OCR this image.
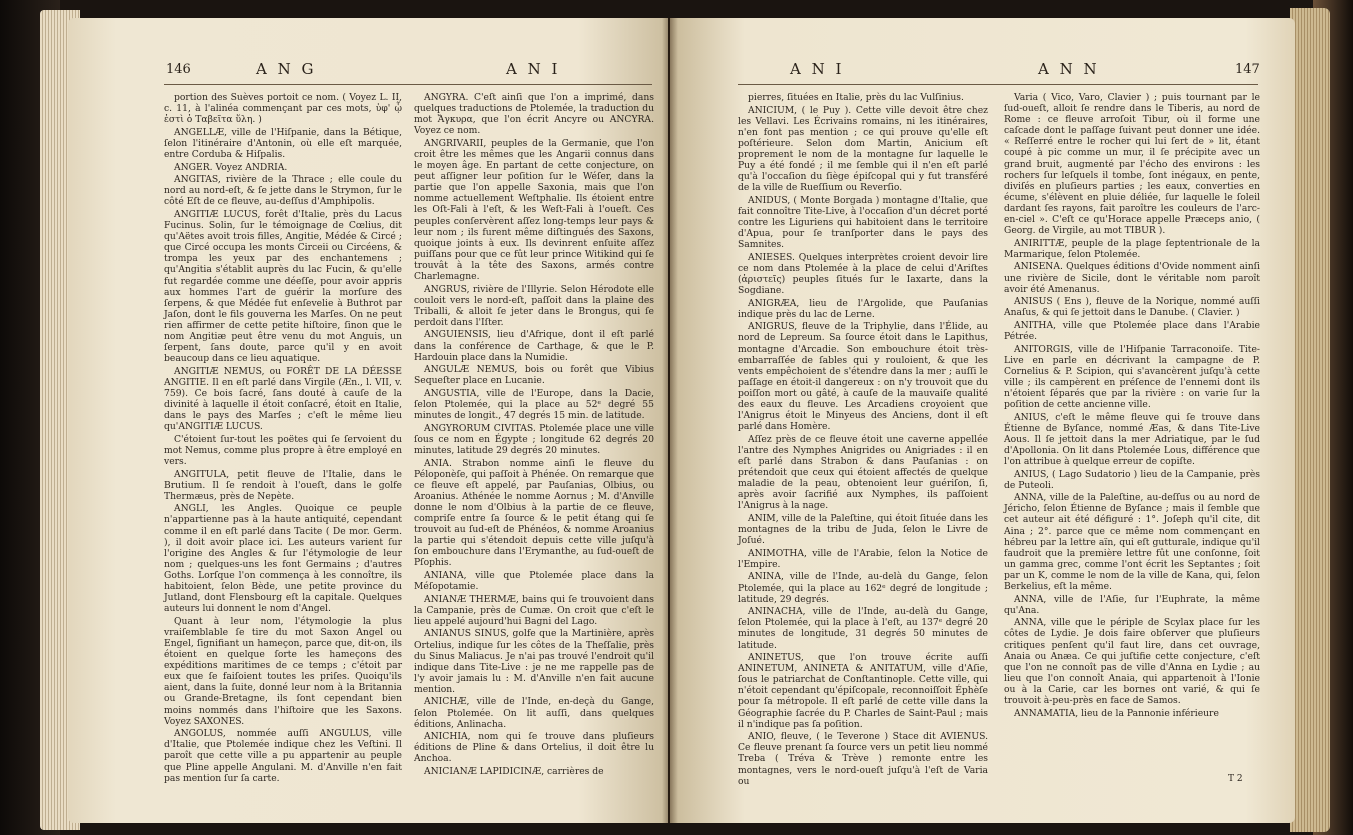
146	A N G	A N I

portion des Suèves portoit ce nom. ( Voyez L. II, c. 11, à l'alinéa commençant par ces mots, ὑφ' ᾧ ἐστὶ ὁ Ταβεῖτα ὕλη. )

ANGELLÆ, ville de l'Hiſpanie, dans la Bétique, ſelon l'itinéraire d'Antonin, où elle eſt marquée, entre Corduba & Hiſpalis.

ANGER. Voyez ANDRIA.

ANGITAS, rivière de la Thrace ; elle coule du nord au nord-eſt, & ſe jette dans le Strymon, ſur le côté Eſt de ce fleuve, au-deſſus d'Amphipolis.

ANGITIÆ LUCUS, forêt d'Italie, près du Lacus Fucinus. Solin, ſur le témoignage de Cœlius, dit qu'Aëtes avoit trois filles, Angitie, Médée & Circé ; que Circé occupa les monts Circeii ou Circéens, & trompa les yeux par des enchantemens ; qu'Angitia s'établit auprès du lac Fucin, & qu'elle fut regardée comme une déeſſe, pour avoir appris aux hommes l'art de guérir la morſure des ſerpens, & que Médée fut enſevelie à Buthrot par Jaſon, dont le fils gouverna les Marſes. On ne peut rien affirmer de cette petite hiſtoire, ſinon que le nom Angitiæ peut être venu du mot Anguis, un ſerpent, ſans doute, parce qu'il y en avoit beaucoup dans ce lieu aquatique.

ANGITIÆ NEMUS, ou FORÊT DE LA DÉESSE ANGITIE. Il en eſt parlé dans Virgile (Æn., l. VII, v. 759). Ce bois ſacré, ſans douté à cauſe de la divinité à laquelle il étoit conſacré, étoit en Italie, dans le pays des Marſes ; c'eſt le même lieu qu'ANGITIÆ LUCUS.

C'étoient ſur-tout les poëtes qui ſe ſervoient du mot Nemus, comme plus propre à être employé en vers.

ANGITULA, petit fleuve de l'Italie, dans le Brutium. Il ſe rendoit à l'oueſt, dans le golfe Thermæus, près de Nepète.

ANGLI, les Angles. Quoique ce peuple n'appartienne pas à la haute antiquité, cependant comme il en eſt parlé dans Tacite ( De mor. Germ. ), il doit avoir place ici. Les auteurs varient ſur l'origine des Angles & ſur l'étymologie de leur nom ; quelques-uns les font Germains ; d'autres Goths. Lorſque l'on commença à les connoître, ils habitoient, ſelon Bède, une petite province du Jutland, dont Flensbourg eſt la capitale. Quelques auteurs lui donnent le nom d'Angel.

Quant à leur nom, l'étymologie la plus vraiſemblable ſe tire du mot Saxon Angel ou Engel, ſignifiant un hameçon, parce que, dit-on, ils étoient en quelque ſorte les hameçons des expéditions maritimes de ce temps ; c'étoit par eux que ſe faiſoient toutes les priſes. Quoiqu'ils aient, dans la ſuite, donné leur nom à la Britannia ou Grande-Bretagne, ils ſont cependant bien moins nommés dans l'hiſtoire que les Saxons. Voyez SAXONES.

ANGOLUS, nommée auſſi ANGULUS, ville d'Italie, que Ptolemée indique chez les Veſtini. Il paroît que cette ville a pu appartenir au peuple que Pline appelle Angulani. M. d'Anville n'en fait pas mention ſur ſa carte.

ANGYRA. C'eſt ainſi que l'on a imprimé, dans quelques traductions de Ptolemée, la traduction du mot Ἄγκυρα, que l'on écrit Ancyre ou ANCYRA. Voyez ce nom.

ANGRIVARII, peuples de la Germanie, que l'on croit être les mêmes que les Angarii connus dans le moyen âge. En partant de cette conjecture, on peut aſſigner leur poſition ſur le Wéſer, dans la partie que l'on appelle Saxonia, mais que l'on nomme actuellement Weſtphalie. Ils étoient entre les Oſt-Fali à l'eſt, & les Weſt-Fali à l'oueſt. Ces peuples conſervèrent aſſez long-temps leur pays & leur nom ; ils furent même diſtingués des Saxons, quoique joints à eux. Ils devinrent enſuite aſſez puiſſans pour que ce fût leur prince Witikind qui ſe trouvât à la tête des Saxons, armés contre Charlemagne.

ANGRUS, rivière de l'Illyrie. Selon Hérodote elle couloit vers le nord-eſt, paſſoit dans la plaine des Triballi, & alloit ſe jeter dans le Brongus, qui ſe perdoit dans l'Iſter.

ANGUIENSIS, lieu d'Afrique, dont il eſt parlé dans la conférence de Carthage, & que le P. Hardouin place dans la Numidie.

ANGULÆ NEMUS, bois ou forêt que Vibius Sequeſter place en Lucanie.

ANGUSTIA, ville de l'Europe, dans la Dacie, ſelon Ptolemée, qui la place au 52ᵉ degré 55 minutes de longit., 47 degrés 15 min. de latitude.

ANGYRORUM CIVITAS. Ptolemée place une ville ſous ce nom en Égypte ; longitude 62 degrés 20 minutes, latitude 29 degrés 20 minutes.

ANIA. Strabon nomme ainſi le fleuve du Péloponèſe, qui paſſoit à Phénée. On remarque que ce fleuve eſt appelé, par Pauſanias, Olbius, ou Aroanius. Athénée le nomme Aornus ; M. d'Anville donne le nom d'Olbius à la partie de ce fleuve, compriſe entre ſa ſource & le petit étang qui ſe trouvoit au ſud-eſt de Phénéos, & nomme Aroanius la partie qui s'étendoit depuis cette ville juſqu'à ſon embouchure dans l'Erymanthe, au ſud-oueſt de Pſophis.

ANIANA, ville que Ptolemée place dans la Méſopotamie.

ANIANÆ THERMÆ, bains qui ſe trouvoient dans la Campanie, près de Cumæ. On croit que c'eſt le lieu appelé aujourd'hui Bagni del Lago.

ANIANUS SINUS, golfe que la Martinière, après Ortelius, indique ſur les côtes de la Theſſalie, près du Sinus Maliacus. Je n'ai pas trouvé l'endroit qu'il indique dans Tite-Live : je ne me rappelle pas de l'y avoir jamais lu : M. d'Anville n'en fait aucune mention.

ANICHÆ, ville de l'Inde, en-deçà du Gange, ſelon Ptolemée. On lit auſſi, dans quelques éditions, Anlinacha.

ANICHIA, nom qui ſe trouve dans pluſieurs éditions de Pline & dans Ortelius, il doit être lu Anchoa.

ANICIANÆ LAPIDICINÆ, carrières de

A N I	A N N	147

pierres, ſituées en Italie, près du lac Vulſinius.

ANICIUM, ( le Puy ). Cette ville devoit être chez les Vellavi. Les Écrivains romains, ni les itinéraires, n'en font pas mention ; ce qui prouve qu'elle eſt poſtérieure. Selon dom Martin, Anicium eſt proprement le nom de la montagne ſur laquelle le Puy a été fondé ; il me ſemble qui il n'en eſt parlé qu'à l'occaſion du ſiège épiſcopal qui y fut transféré de la ville de Rueſſium ou Reverſio.

ANIDUS, ( Monte Borgada ) montagne d'Italie, que fait connoître Tite-Live, à l'occaſion d'un décret porté contre les Liguriens qui habitoient dans le territoire d'Apua, pour ſe tranſporter dans le pays des Samnites.

ANIESES. Quelques interprètes croient devoir lire ce nom dans Ptolemée à la place de celui d'Ariſtes (ἀριστεῖς) peuples ſitués ſur le Iaxarte, dans la Sogdiane.

ANIGRÆA, lieu de l'Argolide, que Pauſanias indique près du lac de Lerne.

ANIGRUS, fleuve de la Triphylie, dans l'Élide, au nord de Lepreum. Sa ſource étoit dans le Lapithus, montagne d'Arcadie. Son embouchure étoit très-embarraſſée de ſables qui y rouloient, & que les vents empêchoient de s'étendre dans la mer ; auſſi le paſſage en étoit-il dangereux : on n'y trouvoit que du poiſſon mort ou gâté, à cauſe de la mauvaiſe qualité des eaux du fleuve. Les Arcadiens croyoient que l'Anigrus étoit le Minyeus des Anciens, dont il eſt parlé dans Homère.

Aſſez près de ce fleuve étoit une caverne appellée l'antre des Nymphes Anigrides ou Anigriades : il en eſt parlé dans Strabon & dans Pauſanias : on prétendoit que ceux qui étoient affectés de quelque maladie de la peau, obtenoient leur guériſon, ſi, après avoir ſacrifié aux Nymphes, ils paſſoient l'Anigrus à la nage.

ANIM, ville de la Paleſtine, qui étoit ſituée dans les montagnes de la tribu de Juda, ſelon le Livre de Joſué.

ANIMOTHA, ville de l'Arabie, ſelon la Notice de l'Empire.

ANINA, ville de l'Inde, au-delà du Gange, ſelon Ptolemée, qui la place au 162ᵉ degré de longitude ; latitude, 29 degrés.

ANINACHA, ville de l'Inde, au-delà du Gange, ſelon Ptolemée, qui la place à l'eſt, au 137ᵉ degré 20 minutes de longitude, 31 degrés 50 minutes de latitude.

ANINETUS, que l'on trouve écrite auſſi ANINETUM, ANINETA & ANITATUM, ville d'Aſie, ſous le patriarchat de Conſtantinople. Cette ville, qui n'étoit cependant qu'épiſcopale, reconnoiſſoit Éphèſe pour ſa métropole. Il eſt parlé de cette ville dans la Géographie ſacrée du P. Charles de Saint-Paul ; mais il n'indique pas ſa poſition.

ANIO, fleuve, ( le Teverone ) Stace dit AVIENUS. Ce fleuve prenant ſa ſource vers un petit lieu nommé Treba ( Tréva & Trève ) remonte entre les montagnes, vers le nord-oueſt juſqu'à l'eſt de Varia ou

Varia ( Vico, Varo, Clavier ) ; puis tournant par le ſud-oueſt, alloit ſe rendre dans le Tiberis, au nord de Rome : ce fleuve arroſoit Tibur, où il forme une caſcade dont le paſſage ſuivant peut donner une idée. « Reſſerré entre le rocher qui lui ſert de » lit, étant coupé à pic comme un mur, il ſe précipite avec un grand bruit, augmenté par l'écho des environs : les rochers ſur leſquels il tombe, ſont inégaux, en pente, diviſés en pluſieurs parties ; les eaux, converties en écume, s'élèvent en pluie déliée, ſur laquelle le ſoleil dardant ſes rayons, fait paroître les couleurs de l'arc-en-ciel ». C'eſt ce qu'Horace appelle Præceps anio, ( Georg. de Virgile, au mot TIBUR ).

ANIRITTÆ, peuple de la plage ſeptentrionale de la Marmarique, ſelon Ptolemée.

ANISENA. Quelques éditions d'Ovide nomment ainſi une rivière de Sicile, dont le véritable nom paroît avoir été Amenanus.

ANISUS ( Ens ), fleuve de la Norique, nommé auſſi Anaſus, & qui ſe jettoit dans le Danube. ( Clavier. )

ANITHA, ville que Ptolemée place dans l'Arabie Pétrée.

ANITORGIS, ville de l'Hiſpanie Tarraconoiſe. Tite-Live en parle en décrivant la campagne de P. Cornelius & P. Scipion, qui s'avancèrent juſqu'à cette ville ; ils campèrent en préſence de l'ennemi dont ils n'étoient ſéparés que par la rivière : on varie ſur la poſition de cette ancienne ville.

ANIUS, c'eſt le même fleuve qui ſe trouve dans Étienne de Byſance, nommé Æas, & dans Tite-Live Aous. Il ſe jettoit dans la mer Adriatique, par le ſud d'Apollonia. On lit dans Ptolemée Lous, différence que l'on attribue à quelque erreur de copiſte.

ANIUS, ( Lago Sudatorio ) lieu de la Campanie, près de Puteoli.

ANNA, ville de la Paleſtine, au-deſſus ou au nord de Jéricho, ſelon Étienne de Byſance ; mais il ſemble que cet auteur ait été défiguré : 1°. Joſeph qu'il cite, dit Aina ; 2°. parce que ce même nom commençant en hébreu par la lettre aïn, qui eſt gutturale, indique qu'il faudroit que la première lettre fût une conſonne, ſoit un gamma grec, comme l'ont écrit les Septantes ; ſoit par un K, comme le nom de la ville de Kana, qui, ſelon Berkelius, eſt la même.

ANNA, ville de l'Aſie, ſur l'Euphrate, la même qu'Ana.

ANNA, ville que le périple de Scylax place ſur les côtes de Lydie. Je dois faire obſerver que pluſieurs critiques penſent qu'il faut lire, dans cet ouvrage, Anaia ou Anæa. Ce qui juſtifie cette conjecture, c'eſt que l'on ne connoît pas de ville d'Anna en Lydie ; au lieu que l'on connoît Anaia, qui appartenoit à l'Ionie ou à la Carie, car les bornes ont varié, & qui ſe trouvoit à-peu-près en face de Samos.

ANNAMATIA, lieu de la Pannonie inférieure

T 2
